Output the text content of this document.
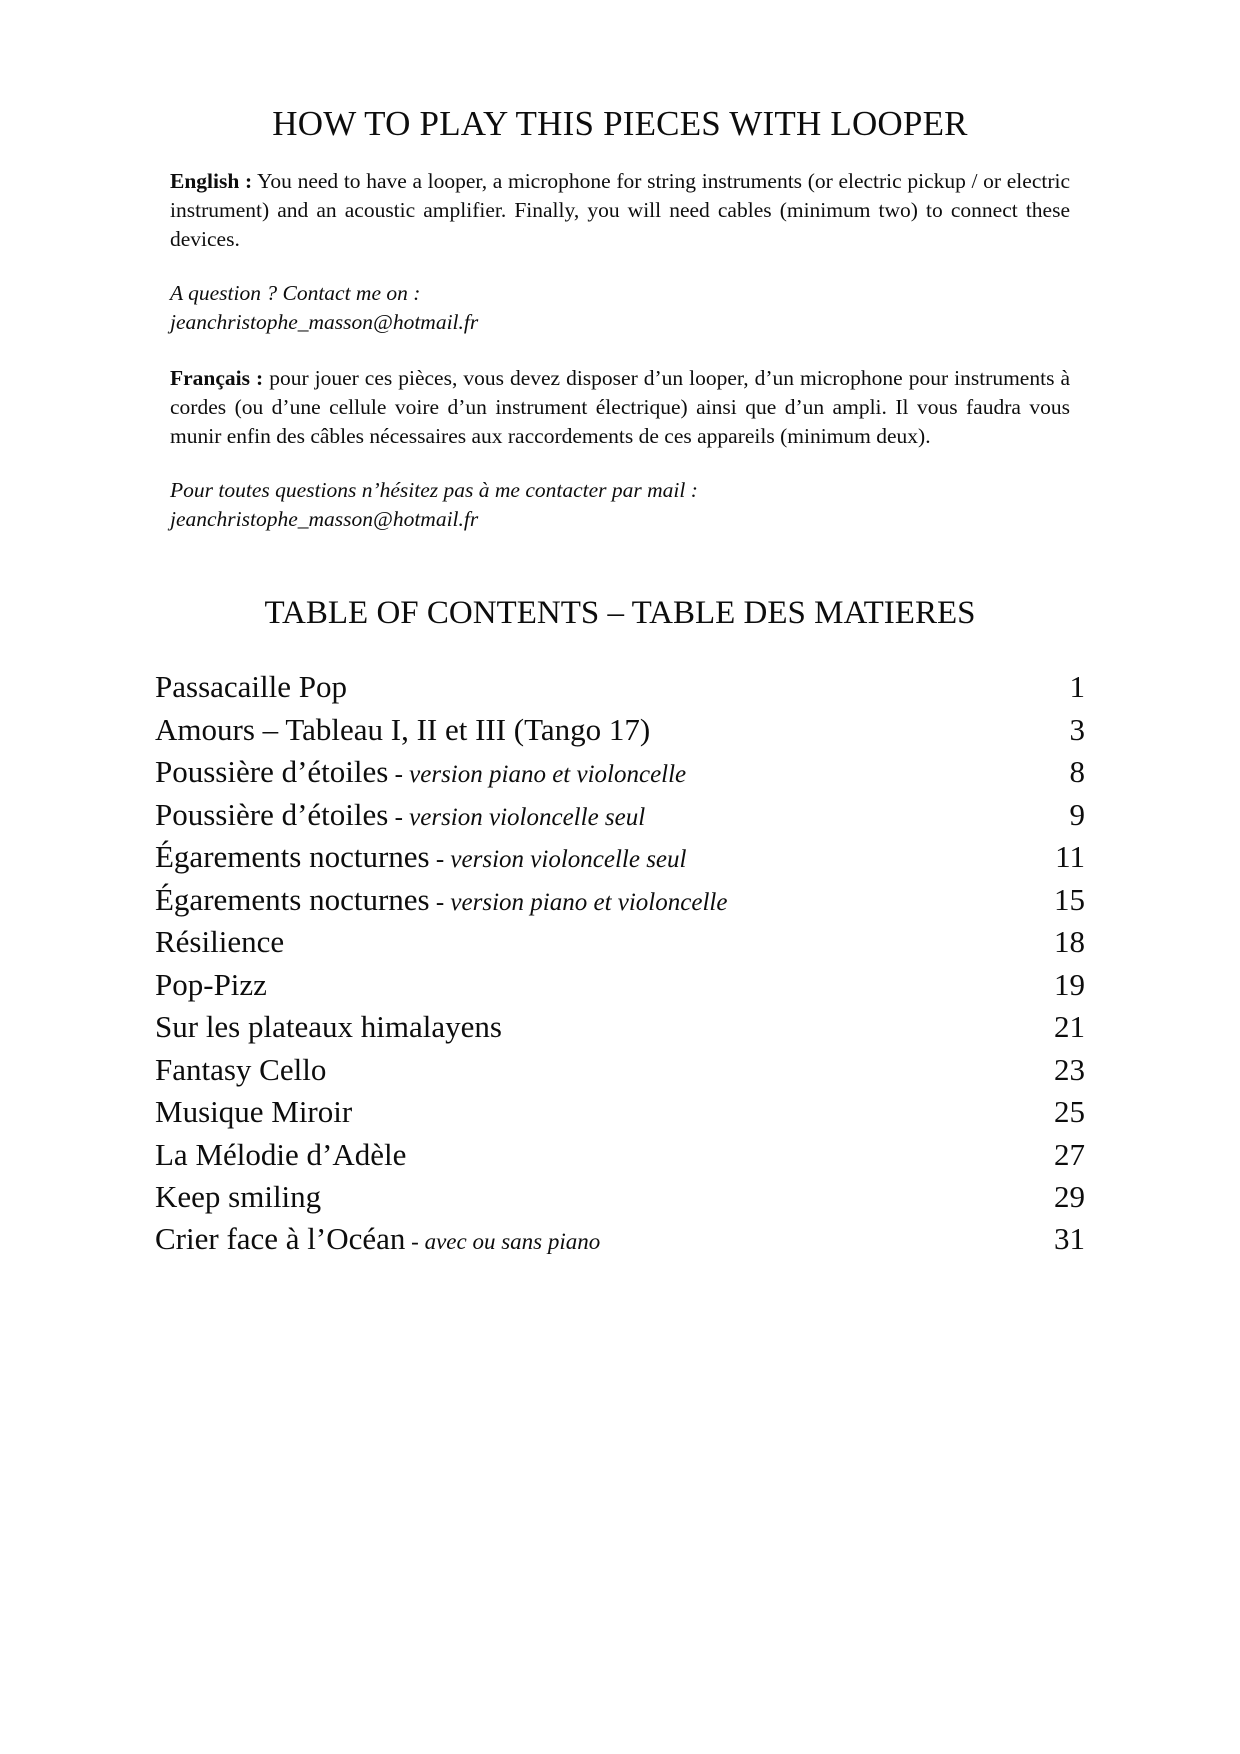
HOW TO PLAY THIS PIECES WITH LOOPER

English : You need to have a looper, a microphone for string instruments (or electric pickup / or electric instrument) and an acoustic amplifier. Finally, you will need cables (minimum two) to connect these devices.

A question ? Contact me on :

jeanchristophe_masson@hotmail.fr

Français : pour jouer ces pièces, vous devez disposer d’un looper, d’un microphone pour instruments à cordes (ou d’une cellule voire d’un instrument électrique) ainsi que d’un ampli. Il vous faudra vous munir enfin des câbles nécessaires aux raccordements de ces appareils (minimum deux).

Pour toutes questions n’hésitez pas à me contacter par mail :

jeanchristophe_masson@hotmail.fr

TABLE OF CONTENTS – TABLE DES MATIERES
Passacaille Pop	1
Amours – Tableau I, II et III (Tango 17)	3
Poussière d’étoiles - version piano et violoncelle	8
Poussière d’étoiles - version violoncelle seul	9
Égarements nocturnes - version violoncelle seul	11
Égarements nocturnes - version piano et violoncelle	15
Résilience	18
Pop-Pizz	19
Sur les plateaux himalayens	21
Fantasy Cello	23
Musique Miroir	25
La Mélodie d’Adèle	27
Keep smiling	29
Crier face à l’Océan - avec ou sans piano	31
